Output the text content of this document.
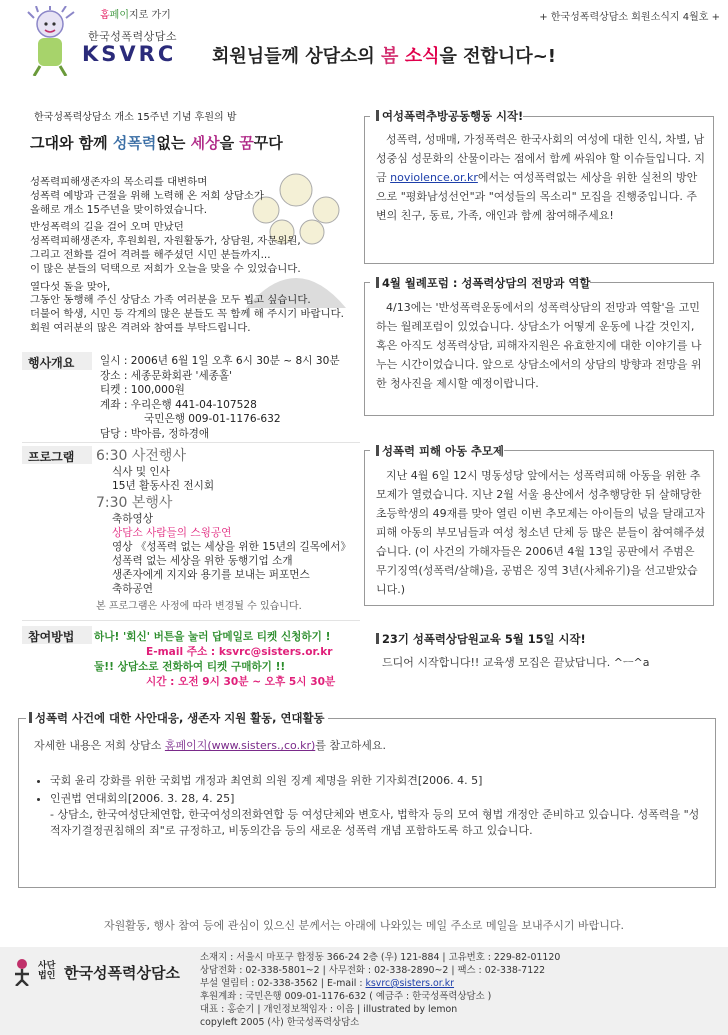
한국성폭력상담소
KSVRC
홈페이지로 가기	+ 한국성폭력상담소 회원소식지 4월호 +
회원님들께 상담소의 봄 소식을 전합니다~!
한국성폭력상담소 개소 15주년 기념 후원의 밤
그대와 함께 성폭력없는 세상을 꿈꾸다

성폭력피해생존자의 목소리를 대변하며
성폭력 예방과 근절을 위해 노력해 온 저희 상담소가
올해로 개소 15주년을 맞이하였습니다.

반성폭력의 길을 걸어 오며 만났던
성폭력피해생존자, 후원회원, 자원활동가, 상담원, 자문위원,
그리고 전화를 걸어 격려를 해주셨던 시민 분들까지...
이 많은 분들의 덕택으로 저희가 오늘을 맞을 수 있었습니다.

열다섯 돌을 맞아,
그동안 동행해 주신 상담소 가족 여러분을 모두 뵙고 싶습니다.
더불어 학생, 시민 등 각계의 많은 분들도 꼭 함께 해 주시기 바랍니다.
회원 여러분의 많은 격려와 참여를 부탁드립니다.

행사개요 일시 : 2006년 6월 1일 오후 6시 30분 ~ 8시 30분
장소 : 세종문화회관 '세종홀'
티켓 : 100,000원
계좌 : 우리은행 441-04-107528
국민은행 009-01-1176-632
담당 : 박아름, 정하경애
프로그램 6:30 사전행사
식사 및 인사
15년 활동사진 전시회
7:30 본행사
축하영상
상담소 사람들의 스윙공연
영상 《성폭력 없는 세상을 위한 15년의 길목에서》
성폭력 없는 세상을 위한 동행기업 소개
생존자에게 지지와 용기를 보내는 퍼포먼스
축하공연
본 프로그램은 사정에 따라 변경될 수 있습니다.
참여방법 하나! '회신' 버튼을 눌러 답메일로 티켓 신청하기 !
E-mail 주소 : ksvrc@sisters.or.kr
둘!! 상담소로 전화하여 티켓 구매하기 !!
시간 : 오전 9시 30분 ~ 오후 5시 30분
여성폭력추방공동행동 시작!
성폭력, 성매매, 가정폭력은 한국사회의 여성에 대한 인식, 차별, 남성중심 성문화의 산물이라는 점에서 함께 싸워야 할 이슈들입니다. 지금 noviolence.or.kr에서는 여성폭력없는 세상을 위한 실천의 방안으로 "평화남성선언"과 "여성들의 목소리" 모집을 진행중입니다. 주변의 친구, 동료, 가족, 애인과 함께 참여해주세요!
4월 월례포럼 : 성폭력상담의 전망과 역할
4/13에는 '반성폭력운동에서의 성폭력상담의 전망과 역할'을 고민하는 월례포럼이 있었습니다. 상담소가 어떻게 운동에 나갈 것인지, 혹은 아직도 성폭력상담, 피해자지원은 유효한지에 대한 이야기를 나누는 시간이었습니다. 앞으로 상담소에서의 상담의 방향과 전망을 위한 청사진을 제시할 예정이랍니다.
성폭력 피해 아동 추모제
지난 4월 6일 12시 명동성당 앞에서는 성폭력피해 아동을 위한 추모제가 열렸습니다. 지난 2월 서울 용산에서 성추행당한 뒤 살해당한 초등학생의 49재를 맞아 열린 이번 추모제는 아이들의 넋을 달래고자 피해 아동의 부모님들과 여성 청소년 단체 등 많은 분들이 참여해주셨습니다. (이 사건의 가해자들은 2006년 4월 13일 공판에서 주범은 무기징역(성폭력/살해)을, 공범은 징역 3년(사체유기)을 선고받았습니다.)
23기 성폭력상담원교육 5월 15일 시작!
드디어 시작합니다!! 교육생 모집은 끝났답니다. ^ㅡ^a
성폭력 사건에 대한 사안대응, 생존자 지원 활동, 연대활동
자세한 내용은 저희 상담소 홈페이지(www.sisters.,co.kr)를 참고하세요.
• 국회 윤리 강화를 위한 국회법 개정과 최연희 의원 징계 제명을 위한 기자회견[2006. 4. 5]
• 인권법 연대회의[2006. 3. 28, 4. 25]
- 상담소, 한국여성단체연합, 한국여성의전화연합 등 여성단체와 변호사, 법학자 등의 모여 형법 개정안 준비하고 있습니다. 성폭력을 "성적자기결정권침해의 죄"로 규정하고, 비동의간음 등의 새로운 성폭력 개념 포함하도록 하고 있습니다.
자원활동, 행사 참여 등에 관심이 있으신 분께서는 아래에 나와있는 메일 주소로 메일을 보내주시기 바랍니다.
사단
법인 한국성폭력상담소
소재지 : 서울시 마포구 합정동 366-24 2층 (우) 121-884 | 고유번호 : 229-82-01120
상담전화 : 02-338-5801~2 | 사무전화 : 02-338-2890~2 | 팩스 : 02-338-7122
부설 열림터 : 02-338-3562 | E-mail : ksvrc@sisters.or.kr
후원계좌 : 국민은행 009-01-1176-632 ( 예금주 : 한국성폭력상담소 )
대표 : 홍순기 | 개인정보책임자 : 이음 | illustrated by lemon
copyleft 2005 (사) 한국성폭력상담소
